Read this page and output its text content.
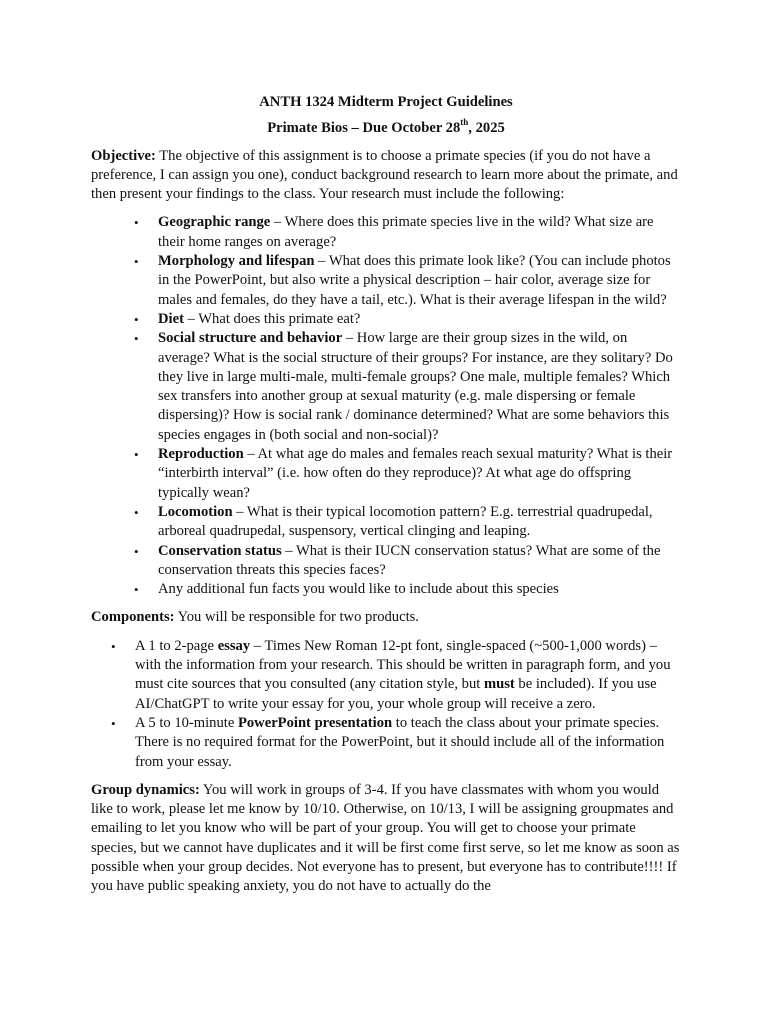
ANTH 1324 Midterm Project Guidelines

Primate Bios – Due October 28th, 2025

Objective: The objective of this assignment is to choose a primate species (if you do not have a preference, I can assign you one), conduct background research to learn more about the primate, and then present your findings to the class. Your research must include the following:

• Geographic range – Where does this primate species live in the wild? What size are their home ranges on average?
• Morphology and lifespan – What does this primate look like? (You can include photos in the PowerPoint, but also write a physical description – hair color, average size for males and females, do they have a tail, etc.). What is their average lifespan in the wild?
• Diet – What does this primate eat?
• Social structure and behavior – How large are their group sizes in the wild, on average? What is the social structure of their groups? For instance, are they solitary? Do they live in large multi-male, multi-female groups? One male, multiple females? Which sex transfers into another group at sexual maturity (e.g. male dispersing or female dispersing)? How is social rank / dominance determined? What are some behaviors this species engages in (both social and non-social)?
• Reproduction – At what age do males and females reach sexual maturity? What is their “interbirth interval” (i.e. how often do they reproduce)? At what age do offspring typically wean?
• Locomotion – What is their typical locomotion pattern? E.g. terrestrial quadrupedal, arboreal quadrupedal, suspensory, vertical clinging and leaping.
• Conservation status – What is their IUCN conservation status? What are some of the conservation threats this species faces?
• Any additional fun facts you would like to include about this species

Components: You will be responsible for two products.

• A 1 to 2-page essay – Times New Roman 12-pt font, single-spaced (~500-1,000 words) – with the information from your research. This should be written in paragraph form, and you must cite sources that you consulted (any citation style, but must be included). If you use AI/ChatGPT to write your essay for you, your whole group will receive a zero.
• A 5 to 10-minute PowerPoint presentation to teach the class about your primate species. There is no required format for the PowerPoint, but it should include all of the information from your essay.

Group dynamics: You will work in groups of 3-4. If you have classmates with whom you would like to work, please let me know by 10/10. Otherwise, on 10/13, I will be assigning groupmates and emailing to let you know who will be part of your group. You will get to choose your primate species, but we cannot have duplicates and it will be first come first serve, so let me know as soon as possible when your group decides. Not everyone has to present, but everyone has to contribute!!!! If you have public speaking anxiety, you do not have to actually do the
